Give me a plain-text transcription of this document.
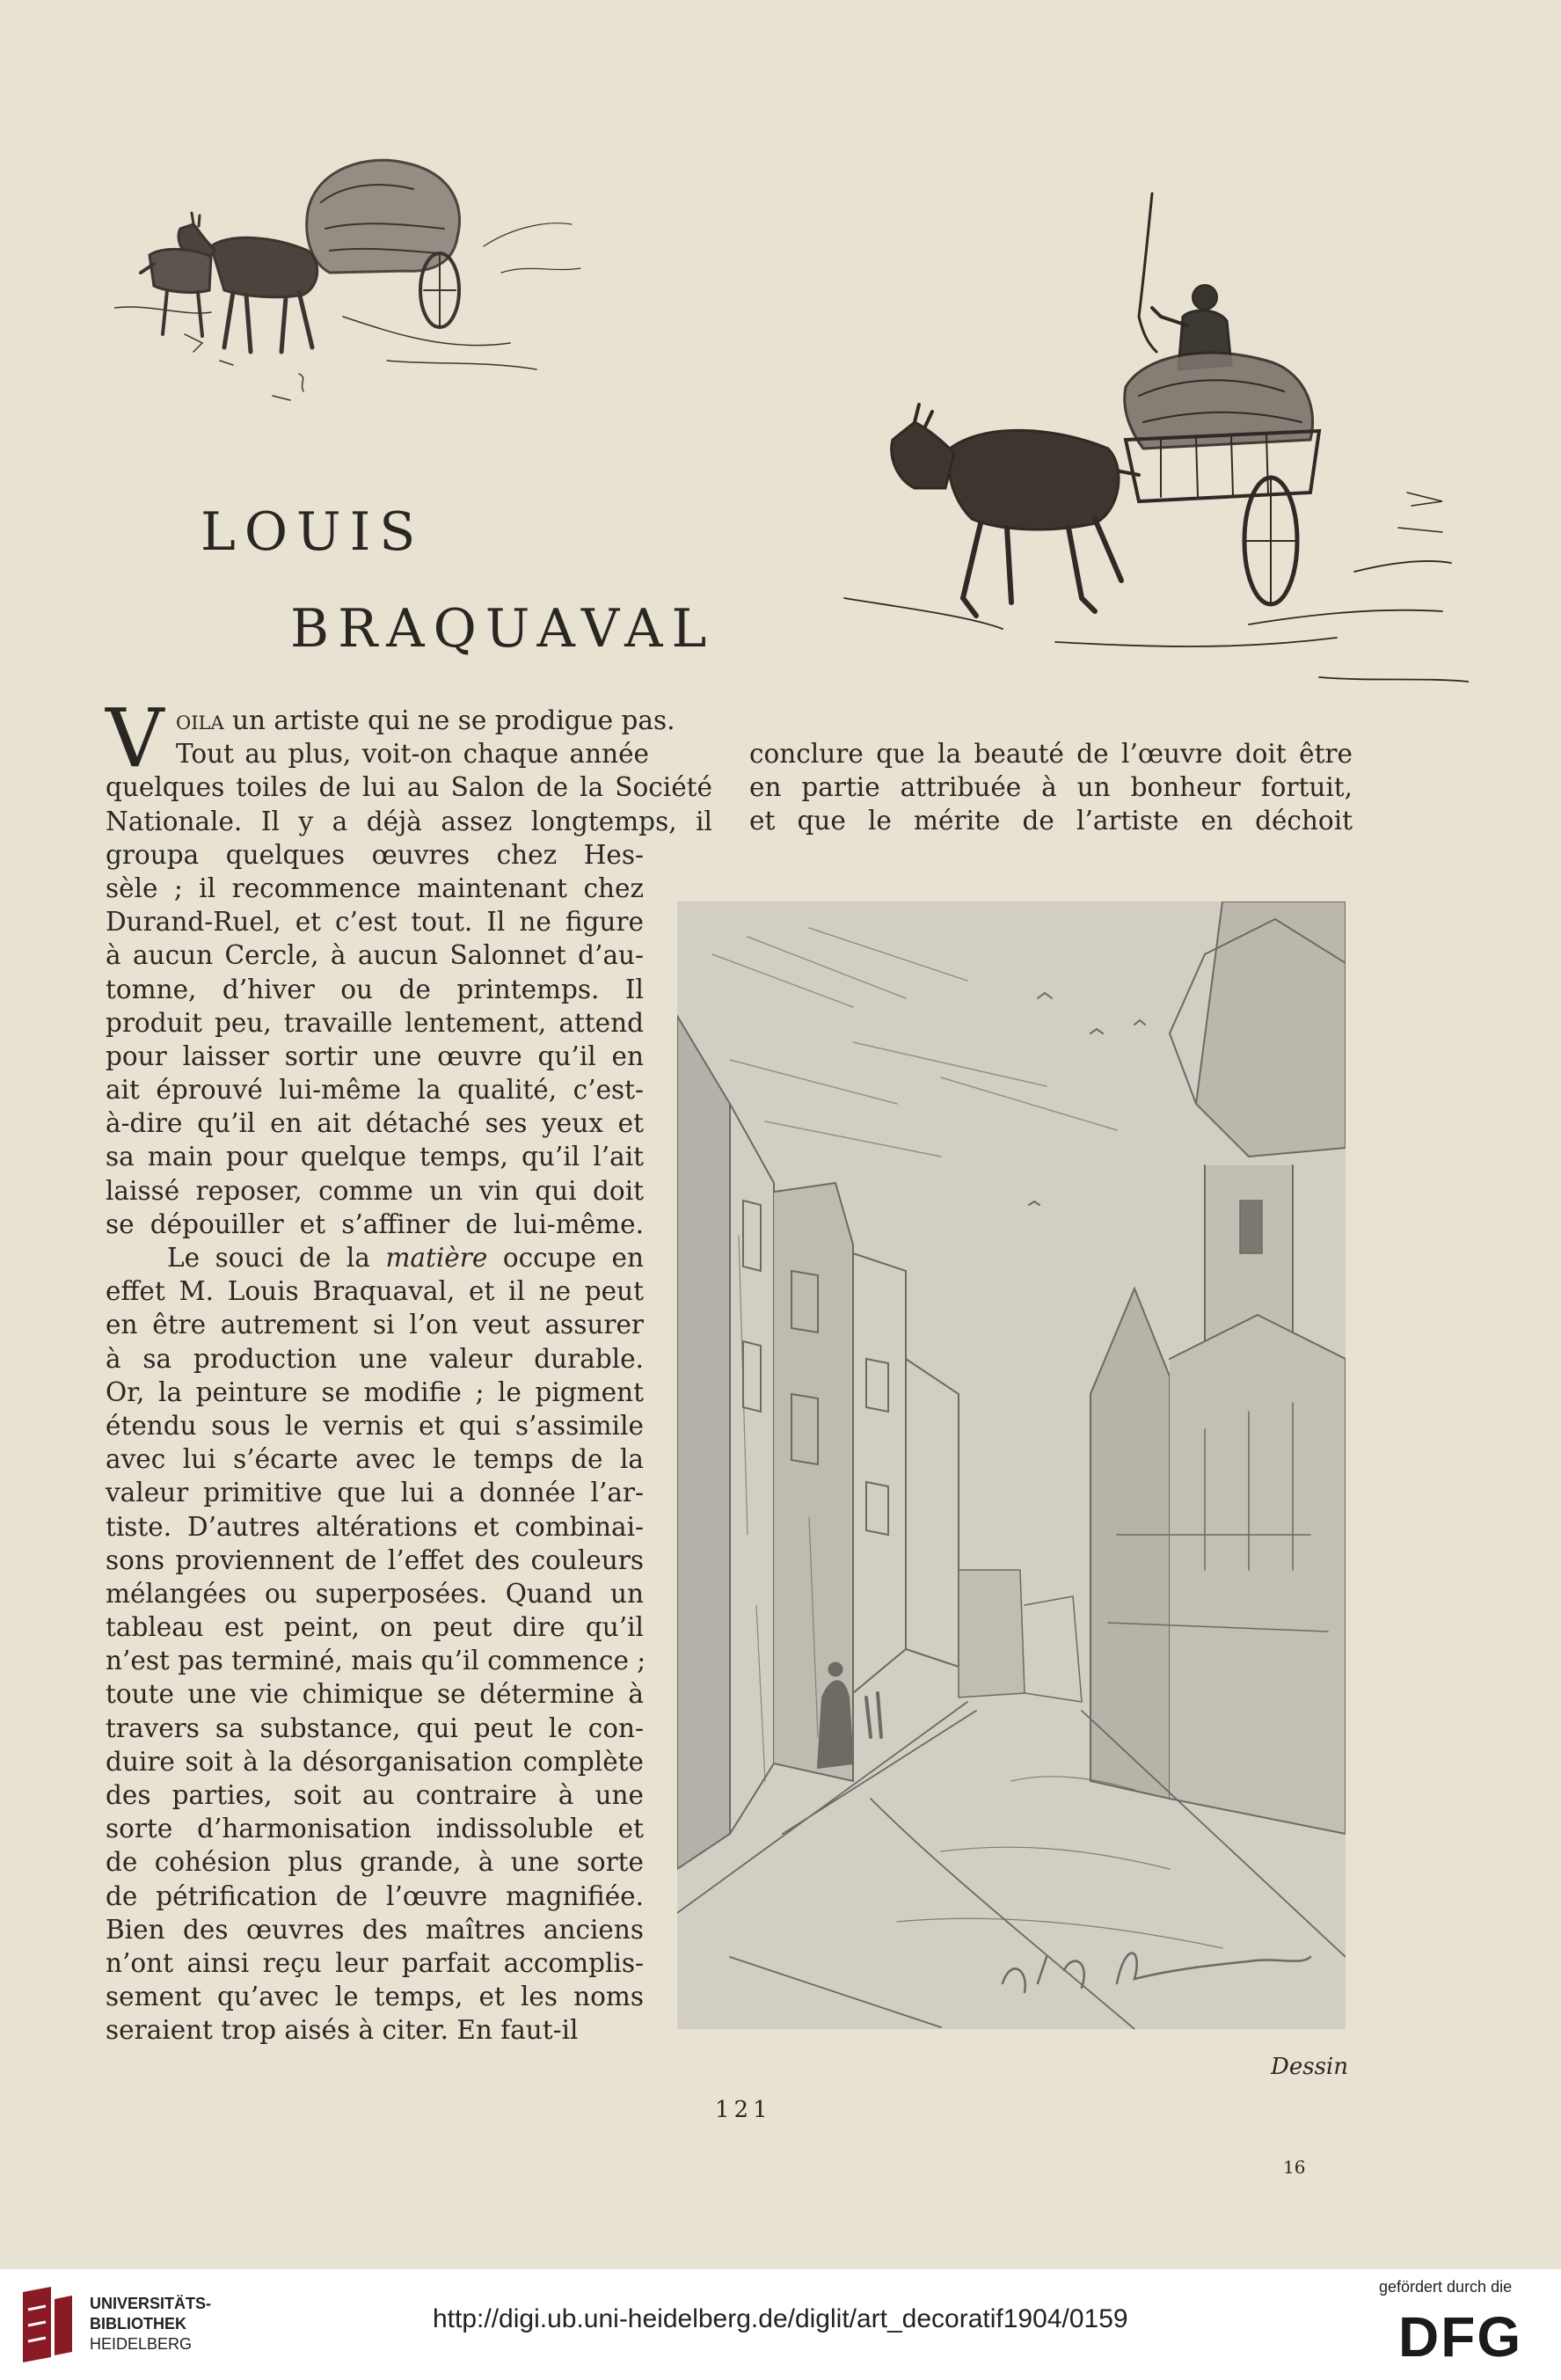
LOUIS
BRAQUAVAL
V oila un artiste qui ne se prodigue pas.
Tout au plus, voit-on chaque année
quelques toiles de lui au Salon de la Société
Nationale. Il y a déjà assez longtemps, il
groupa quelques œuvres chez Hes-
sèle ; il recommence maintenant chez
Durand-Ruel, et c’est tout. Il ne figure
à aucun Cercle, à aucun Salonnet d’au-
tomne, d’hiver ou de printemps. Il
produit peu, travaille lentement, attend
pour laisser sortir une œuvre qu’il en
ait éprouvé lui-même la qualité, c’est-
à-dire qu’il en ait détaché ses yeux et
sa main pour quelque temps, qu’il l’ait
laissé reposer, comme un vin qui doit
se dépouiller et s’affiner de lui-même.
Le souci de la matière occupe en
effet M. Louis Braquaval, et il ne peut
en être autrement si l’on veut assurer
à sa production une valeur durable.
Or, la peinture se modifie ; le pigment
étendu sous le vernis et qui s’assimile
avec lui s’écarte avec le temps de la
valeur primitive que lui a donnée l’ar-
tiste. D’autres altérations et combinai-
sons proviennent de l’effet des couleurs
mélangées ou superposées. Quand un
tableau est peint, on peut dire qu’il
n’est pas terminé, mais qu’il commence ;
toute une vie chimique se détermine à
travers sa substance, qui peut le con-
duire soit à la désorganisation complète
des parties, soit au contraire à une
sorte d’harmonisation indissoluble et
de cohésion plus grande, à une sorte
de pétrification de l’œuvre magnifiée.
Bien des œuvres des maîtres anciens
n’ont ainsi reçu leur parfait accomplis-
sement qu’avec le temps, et les noms
seraient trop aisés à citer. En faut-il
conclure que la beauté de l’œuvre doit être
en partie attribuée à un bonheur fortuit,
et que le mérite de l’artiste en déchoit
Dessin
121
16
UNIVERSITÄTS-
BIBLIOTHEK
HEIDELBERG
http://digi.ub.uni-heidelberg.de/diglit/art_decoratif1904/0159
gefördert durch die
DFG
